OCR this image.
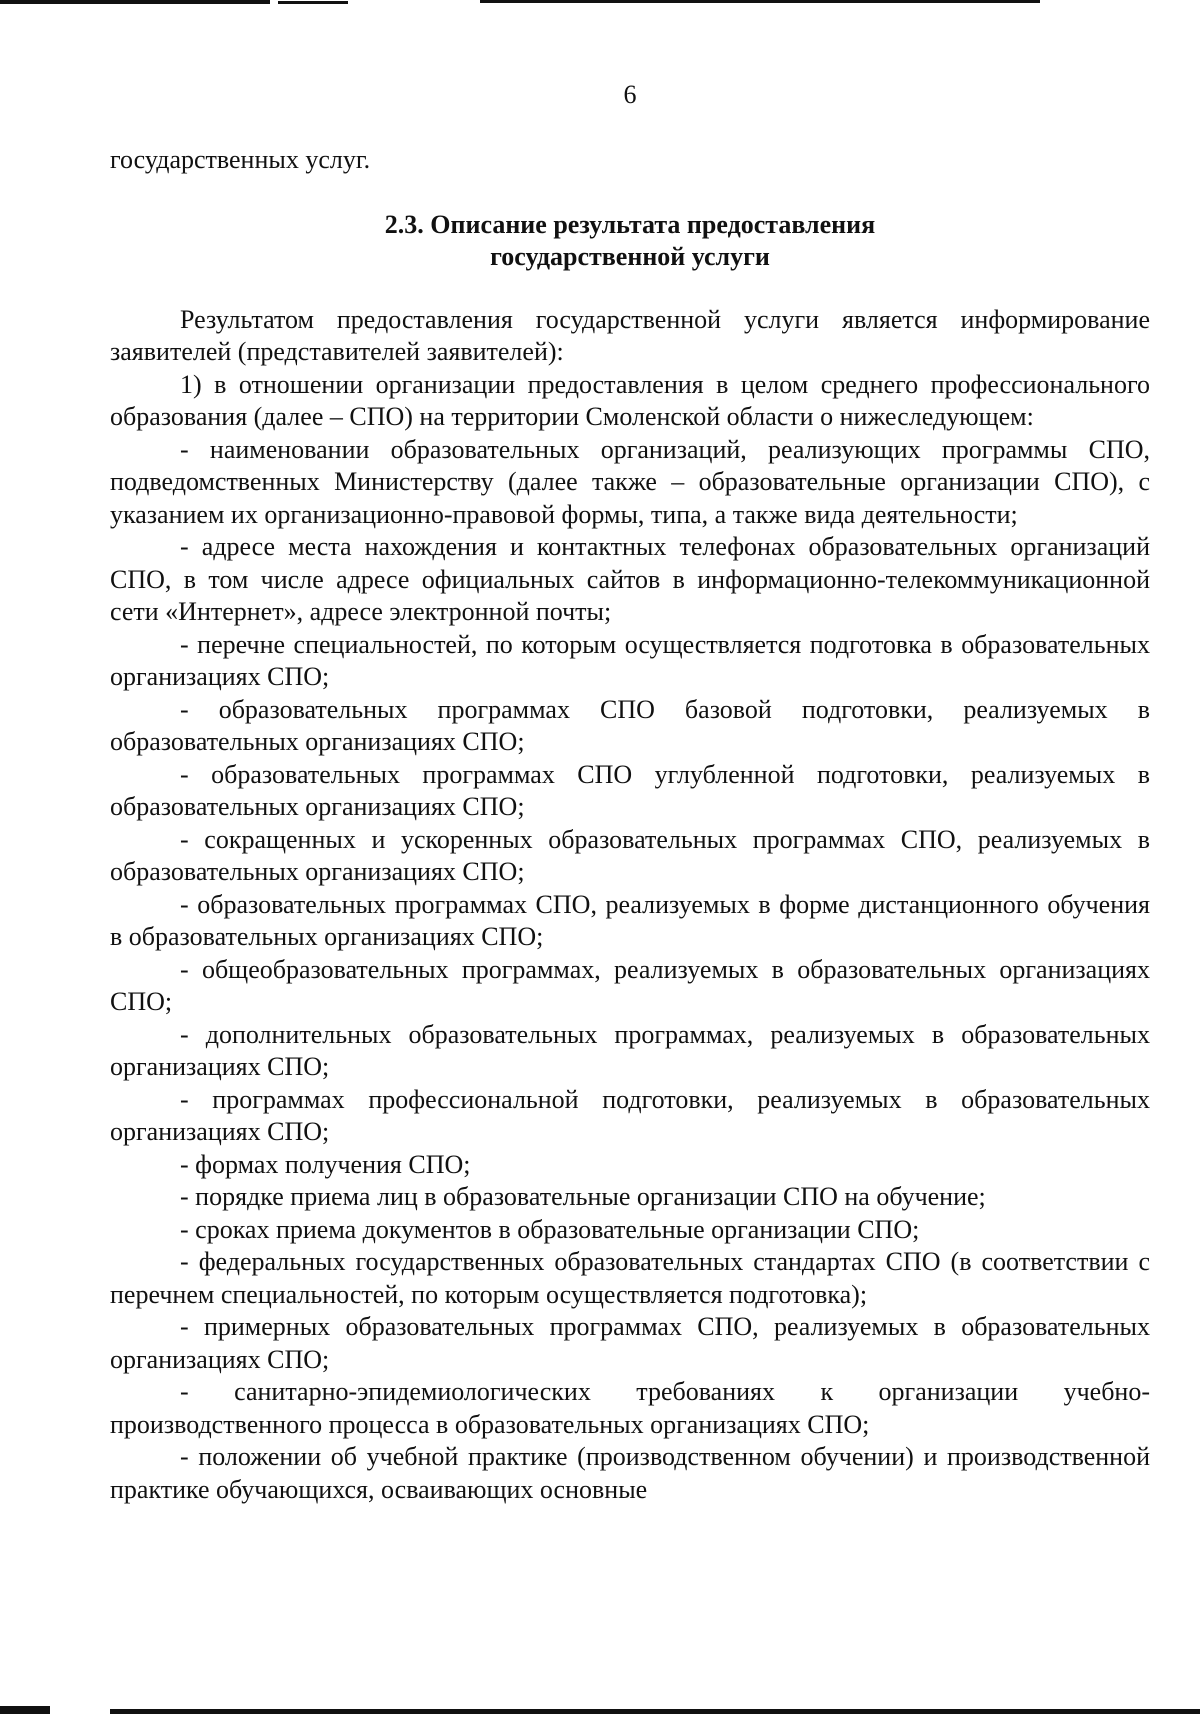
6

государственных услуг.

2.3. Описание результата предоставления
государственной услуги

Результатом предоставления государственной услуги является информирование заявителей (представителей заявителей):

1) в отношении организации предоставления в целом среднего профессионального образования (далее – СПО) на территории Смоленской области о нижеследующем:

- наименовании образовательных организаций, реализующих программы СПО, подведомственных Министерству (далее также – образовательные организации СПО), с указанием их организационно-правовой формы, типа, а также вида деятельности;

- адресе места нахождения и контактных телефонах образовательных организаций СПО, в том числе адресе официальных сайтов в информационно-телекоммуникационной сети «Интернет», адресе электронной почты;

- перечне специальностей, по которым осуществляется подготовка в образовательных организациях СПО;

- образовательных программах СПО базовой подготовки, реализуемых в образовательных организациях СПО;

- образовательных программах СПО углубленной подготовки, реализуемых в образовательных организациях СПО;

- сокращенных и ускоренных образовательных программах СПО, реализуемых в образовательных организациях СПО;

- образовательных программах СПО, реализуемых в форме дистанционного обучения в образовательных организациях СПО;

- общеобразовательных программах, реализуемых в образовательных организациях СПО;

- дополнительных образовательных программах, реализуемых в образовательных организациях СПО;

- программах профессиональной подготовки, реализуемых в образовательных организациях СПО;

- формах получения СПО;

- порядке приема лиц в образовательные организации СПО на обучение;

- сроках приема документов в образовательные организации СПО;

- федеральных государственных образовательных стандартах СПО (в соответствии с перечнем специальностей, по которым осуществляется подготовка);

- примерных образовательных программах СПО, реализуемых в образовательных организациях СПО;

- санитарно-эпидемиологических требованиях к организации учебно-производственного процесса в образовательных организациях СПО;

- положении об учебной практике (производственном обучении) и производственной практике обучающихся, осваивающих основные
